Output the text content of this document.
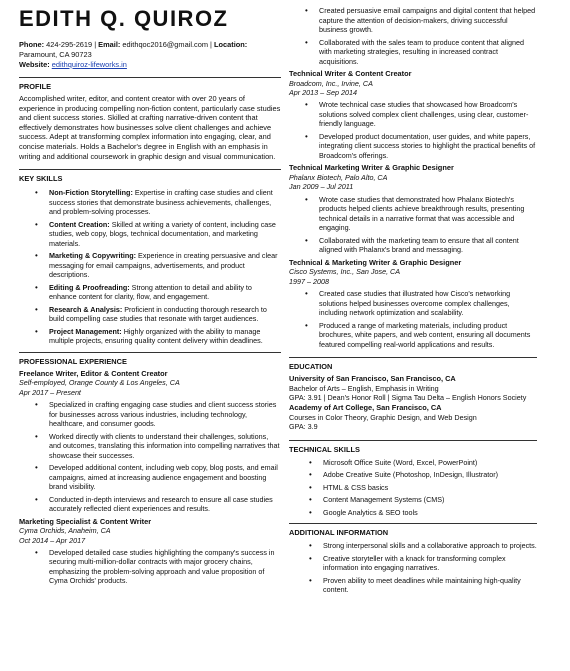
EDITH Q. QUIROZ
Phone: 424-295-2619 | Email: edithqoc2016@gmail.com | Location: Paramount, CA 90723
Website: edithquiroz-lifeworks.in
PROFILE

Accomplished writer, editor, and content creator with over 20 years of experience in producing compelling non-fiction content, particularly case studies and client success stories. Skilled at crafting narrative-driven content that effectively demonstrates how businesses solve client challenges and achieve success. Adept at transforming complex information into engaging, clear, and concise materials. Holds a Bachelor's degree in English with an emphasis in writing and additional coursework in graphic design and visual communication.

KEY SKILLS
• Non-Fiction Storytelling: Expertise in crafting case studies and client success stories that demonstrate business achievements, challenges, and problem-solving processes.
• Content Creation: Skilled at writing a variety of content, including case studies, web copy, blogs, technical documentation, and marketing materials.
• Marketing & Copywriting: Experience in creating persuasive and clear messaging for email campaigns, advertisements, and product descriptions.
• Editing & Proofreading: Strong attention to detail and ability to enhance content for clarity, flow, and engagement.
• Research & Analysis: Proficient in conducting thorough research to build compelling case studies that resonate with target audiences.
• Project Management: Highly organized with the ability to manage multiple projects, ensuring quality content delivery within deadlines.
PROFESSIONAL EXPERIENCE
Freelance Writer, Editor & Content Creator
Self-employed, Orange County & Los Angeles, CA
Apr 2017 – Present
• Specialized in crafting engaging case studies and client success stories for businesses across various industries, including technology, healthcare, and consumer goods.
• Worked directly with clients to understand their challenges, solutions, and outcomes, translating this information into compelling narratives that showcase their successes.
• Developed additional content, including web copy, blog posts, and email campaigns, aimed at increasing audience engagement and boosting brand visibility.
• Conducted in-depth interviews and research to ensure all case studies accurately reflected client experiences and results.
Marketing Specialist & Content Writer
Cyma Orchids, Anaheim, CA
Oct 2014 – Apr 2017
• Developed detailed case studies highlighting the company's success in securing multi-million-dollar contracts with major grocery chains, emphasizing the problem-solving approach and value proposition of Cyma Orchids' products.
• Created persuasive email campaigns and digital content that helped capture the attention of decision-makers, driving successful business growth.
• Collaborated with the sales team to produce content that aligned with marketing strategies, resulting in increased contract acquisitions.
Technical Writer & Content Creator
Broadcom, Inc., Irvine, CA
Apr 2013 – Sep 2014
• Wrote technical case studies that showcased how Broadcom's solutions solved complex client challenges, using clear, customer-friendly language.
• Developed product documentation, user guides, and white papers, integrating client success stories to highlight the practical benefits of Broadcom's offerings.
Technical Marketing Writer & Graphic Designer
Phalanx Biotech, Palo Alto, CA
Jan 2009 – Jul 2011
• Wrote case studies that demonstrated how Phalanx Biotech's products helped clients achieve breakthrough results, presenting technical details in a narrative format that was accessible and engaging.
• Collaborated with the marketing team to ensure that all content aligned with Phalanx's brand and messaging.
Technical & Marketing Writer & Graphic Designer
Cisco Systems, Inc., San Jose, CA
1997 – 2008
• Created case studies that illustrated how Cisco's networking solutions helped businesses overcome complex challenges, including network optimization and scalability.
• Produced a range of marketing materials, including product brochures, white papers, and web content, ensuring all documents featured compelling real-world applications and results.
EDUCATION
University of San Francisco, San Francisco, CA
Bachelor of Arts – English, Emphasis in Writing
GPA: 3.91 | Dean's Honor Roll | Sigma Tau Delta – English Honors Society
Academy of Art College, San Francisco, CA
Courses in Color Theory, Graphic Design, and Web Design
GPA: 3.9
TECHNICAL SKILLS
• Microsoft Office Suite (Word, Excel, PowerPoint)
• Adobe Creative Suite (Photoshop, InDesign, Illustrator)
• HTML & CSS basics
• Content Management Systems (CMS)
• Google Analytics & SEO tools
ADDITIONAL INFORMATION
• Strong interpersonal skills and a collaborative approach to projects.
• Creative storyteller with a knack for transforming complex information into engaging narratives.
• Proven ability to meet deadlines while maintaining high-quality content.
